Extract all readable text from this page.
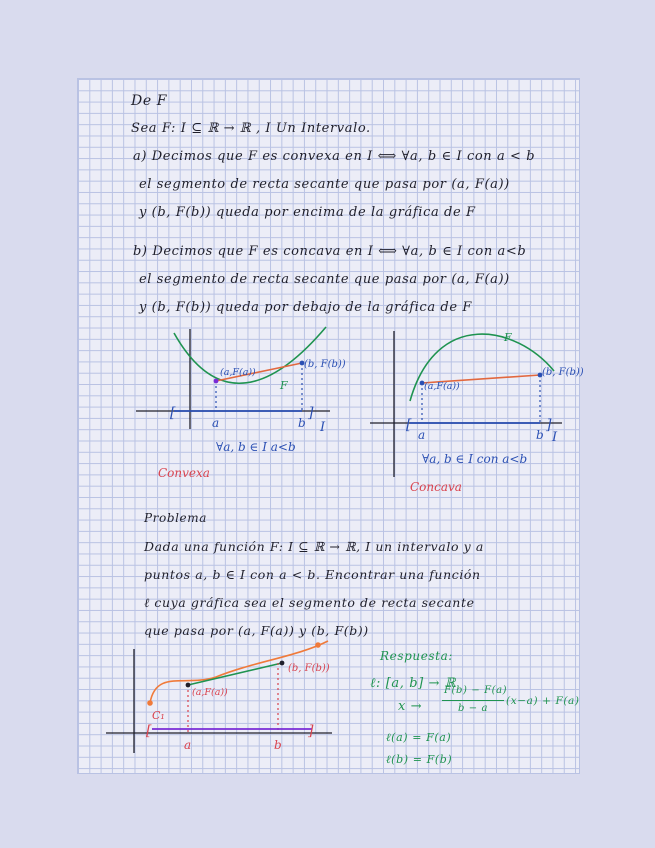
De F
Sea F: I ⊆ ℝ → ℝ , I Un Intervalo.
a) Decimos que F es convexa en I ⟺ ∀a, b ∈ I con a < b
el segmento de recta secante que pasa por (a, F(a))
y (b, F(b)) queda por encima de la gráfica de F
b) Decimos que F es concava en I ⟺ ∀a, b ∈ I con a<b
el segmento de recta secante que pasa por (a, F(a))
y (b, F(b)) queda por debajo de la gráfica de F
(a,F(a))
(b, F(b))
F
[	]
a	b I
∀a, b ∈ I a<b
Convexa
(a,F(a))
(b, F(b))
F
[	]
a	b I
∀a, b ∈ I con a<b
Concava
Problema
Dada una función F: I ⊆ ℝ → ℝ, I un intervalo y a
puntos a, b ∈ I con a < b. Encontrar una función
ℓ cuya gráfica sea el segmento de recta secante
que pasa por (a, F(a)) y (b, F(b))
(a,F(a))
(b, F(b))
C₁
[	]
a	b
Respuesta:
ℓ: [a, b] → ℝ
x →
F(b) − F(a)
b − a
(x−a) + F(a)
ℓ(a) = F(a)
ℓ(b) = F(b)
